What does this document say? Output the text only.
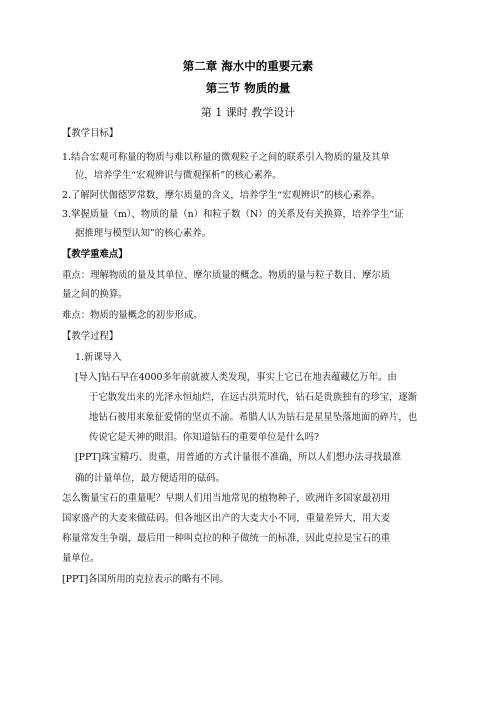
第二章 海水中的重要元素
第三节 物质的量
第 1 课时 教学设计
【教学目标】
1.结合宏观可称量的物质与难以称量的微观粒子之间的联系引入物质的量及其单
位，培养学生“宏观辨识与微观探析”的核心素养。
2.了解阿伏伽德罗常数，摩尔质量的含义，培养学生“宏观辨识”的核心素养。
3.掌握质量（m）、物质的量（n）和粒子数（N）的关系及有关换算，培养学生“证
据推理与模型认知”的核心素养。
【教学重难点】
重点：理解物质的量及其单位、摩尔质量的概念。物质的量与粒子数目、摩尔质
量之间的换算。
难点：物质的量概念的初步形成。
【教学过程】
1.新课导入
[导入]钻石早在4000多年前就被人类发现，事实上它已在地表蕴藏亿万年。由
于它散发出来的光泽永恒灿烂，在远古洪荒时代，钻石是贵族独有的珍宝，逐渐
地钻石被用来象征爱情的坚贞不渝。希腊人认为钻石是星星坠落地面的碎片，也
传说它是天神的眼泪。你知道钻石的重要单位是什么吗?
[PPT]珠宝精巧、贵重，用普通的方式计量很不准确，所以人们想办法寻找最准
确的计量单位，最方便适用的砝码。
怎么衡量宝石的重量呢？早期人们用当地常见的植物种子，欧洲许多国家最初用
国家盛产的大麦来做砝码。但各地区出产的大麦大小不同，重量差异大，用大麦
称量常发生争端，最后用一种叫克拉的种子做统一的标准，因此克拉是宝石的重
量单位。
[PPT]各国所用的克拉表示的略有不同。
